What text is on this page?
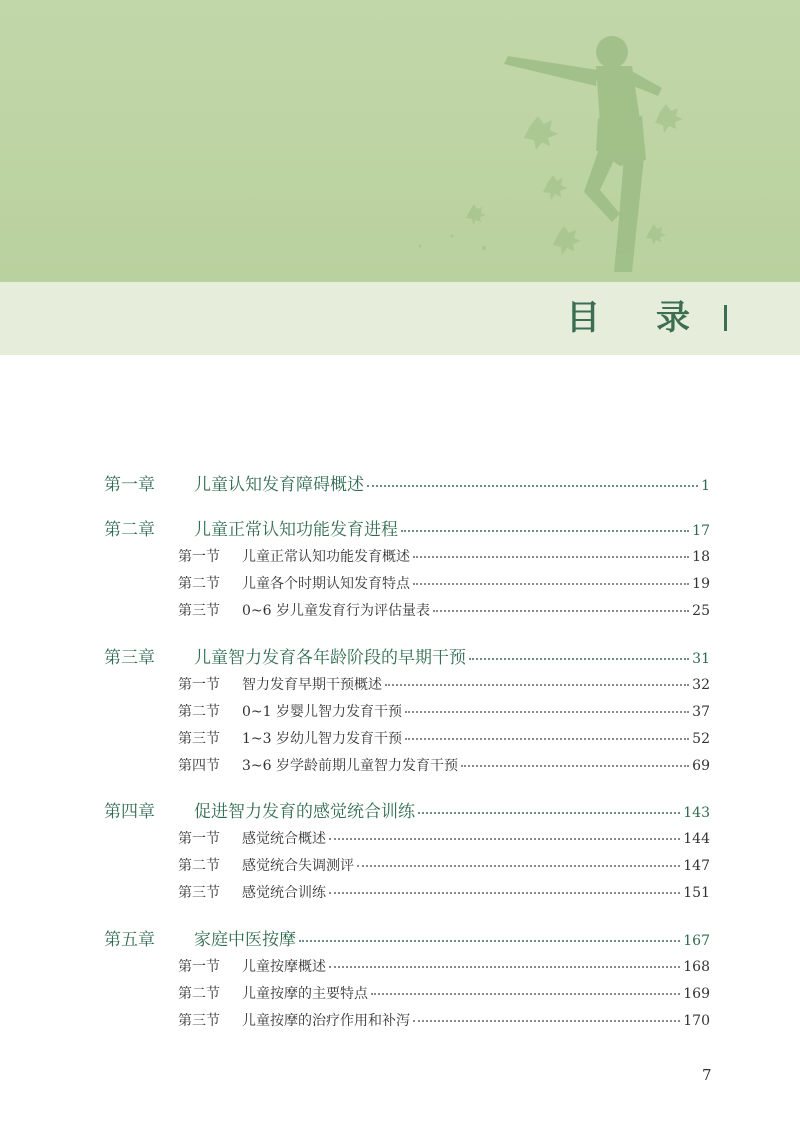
目 录
第一章	儿童认知发育障碍概述	1
第二章	儿童正常认知功能发育进程	17
第一节	儿童正常认知功能发育概述	18
第二节	儿童各个时期认知发育特点	19
第三节	0~6 岁儿童发育行为评估量表	25
第三章	儿童智力发育各年龄阶段的早期干预	31
第一节	智力发育早期干预概述	32
第二节	0~1 岁婴儿智力发育干预	37
第三节	1~3 岁幼儿智力发育干预	52
第四节	3~6 岁学龄前期儿童智力发育干预	69
第四章	促进智力发育的感觉统合训练	143
第一节	感觉统合概述	144
第二节	感觉统合失调测评	147
第三节	感觉统合训练	151
第五章	家庭中医按摩	167
第一节	儿童按摩概述	168
第二节	儿童按摩的主要特点	169
第三节	儿童按摩的治疗作用和补泻	170
7
